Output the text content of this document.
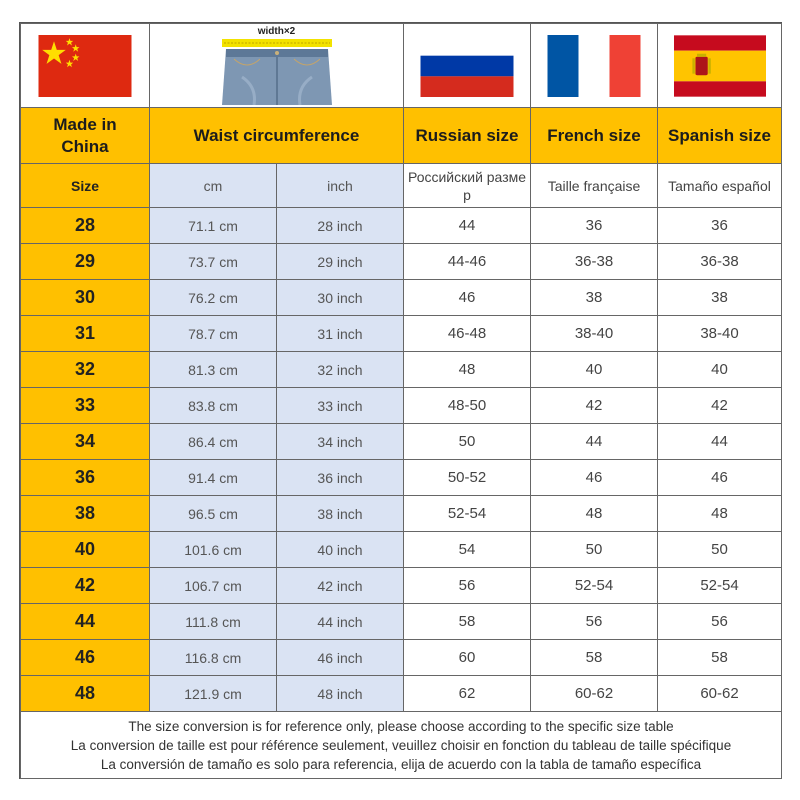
width×2

Made in China	Waist circumference		Russian size	French size	Spanish size
Size	cm	inch	Российский размер	Taille française	Tamaño español
28	71.1 cm	28 inch	44	36	36
29	73.7 cm	29 inch	44-46	36-38	36-38
30	76.2 cm	30 inch	46	38	38
31	78.7 cm	31 inch	46-48	38-40	38-40
32	81.3 cm	32 inch	48	40	40
33	83.8 cm	33 inch	48-50	42	42
34	86.4 cm	34 inch	50	44	44
36	91.4 cm	36 inch	50-52	46	46
38	96.5 cm	38 inch	52-54	48	48
40	101.6 cm	40 inch	54	50	50
42	106.7 cm	42 inch	56	52-54	52-54
44	111.8 cm	44 inch	58	56	56
46	116.8 cm	46 inch	60	58	58
48	121.9 cm	48 inch	62	60-62	60-62

The size conversion is for reference only, please choose according to the specific size table
La conversion de taille est pour référence seulement, veuillez choisir en fonction du tableau de taille spécifique
La conversión de tamaño es solo para referencia, elija de acuerdo con la tabla de tamaño específica					
